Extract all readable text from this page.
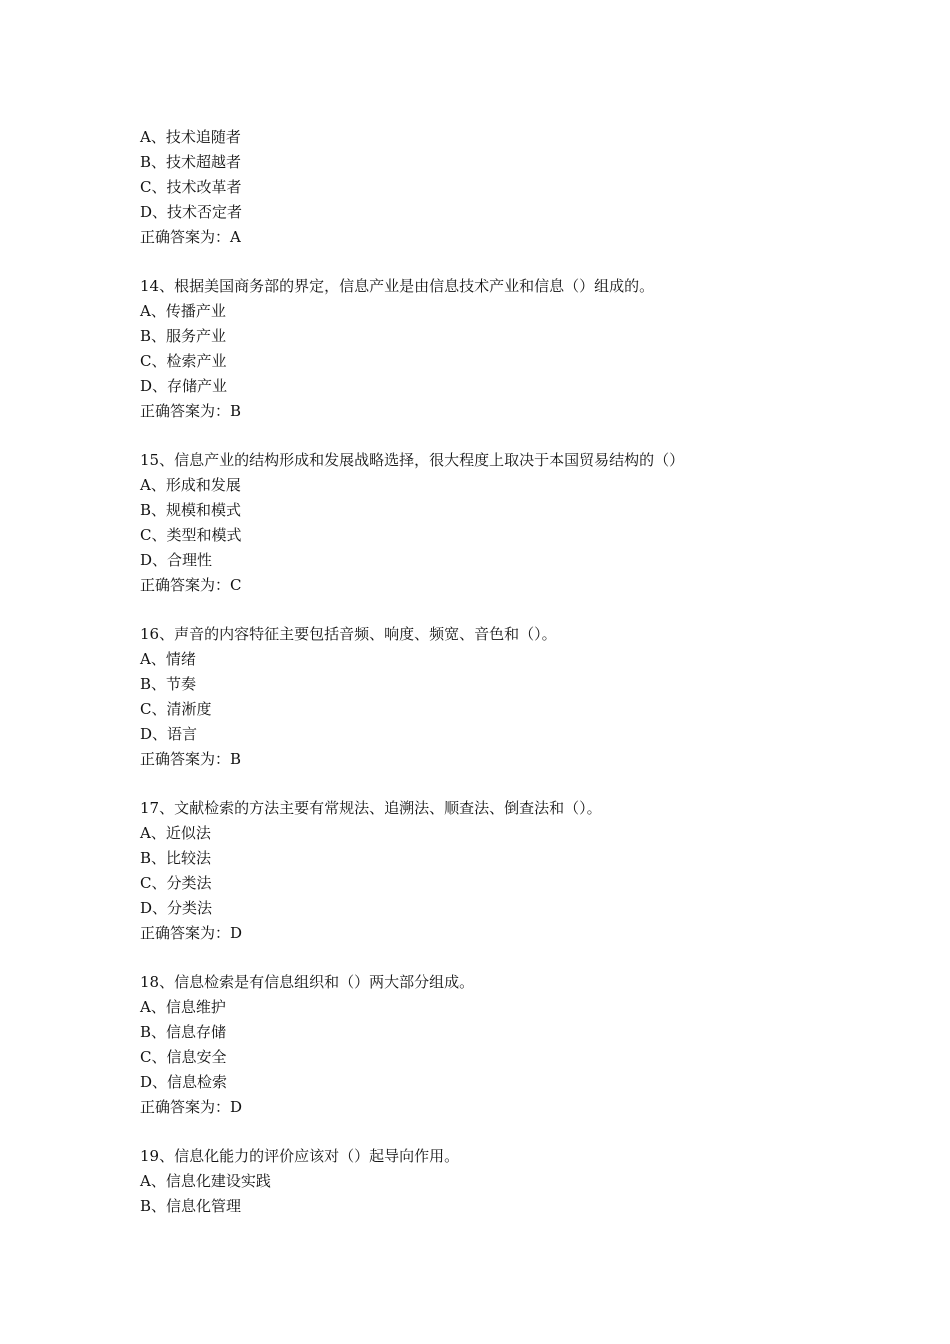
A、技术追随者
B、技术超越者
C、技术改革者
D、技术否定者
正确答案为：A
14、根据美国商务部的界定，信息产业是由信息技术产业和信息（）组成的。
A、传播产业
B、服务产业
C、检索产业
D、存储产业
正确答案为：B
15、信息产业的结构形成和发展战略选择，很大程度上取决于本国贸易结构的（）
A、形成和发展
B、规模和模式
C、类型和模式
D、合理性
正确答案为：C
16、声音的内容特征主要包括音频、响度、频宽、音色和（）。
A、情绪
B、节奏
C、清淅度
D、语言
正确答案为：B
17、文献检索的方法主要有常规法、追溯法、顺查法、倒查法和（）。
A、近似法
B、比较法
C、分类法
D、分类法
正确答案为：D
18、信息检索是有信息组织和（）两大部分组成。
A、信息维护
B、信息存储
C、信息安全
D、信息检索
正确答案为：D
19、信息化能力的评价应该对（）起导向作用。
A、信息化建设实践
B、信息化管理
